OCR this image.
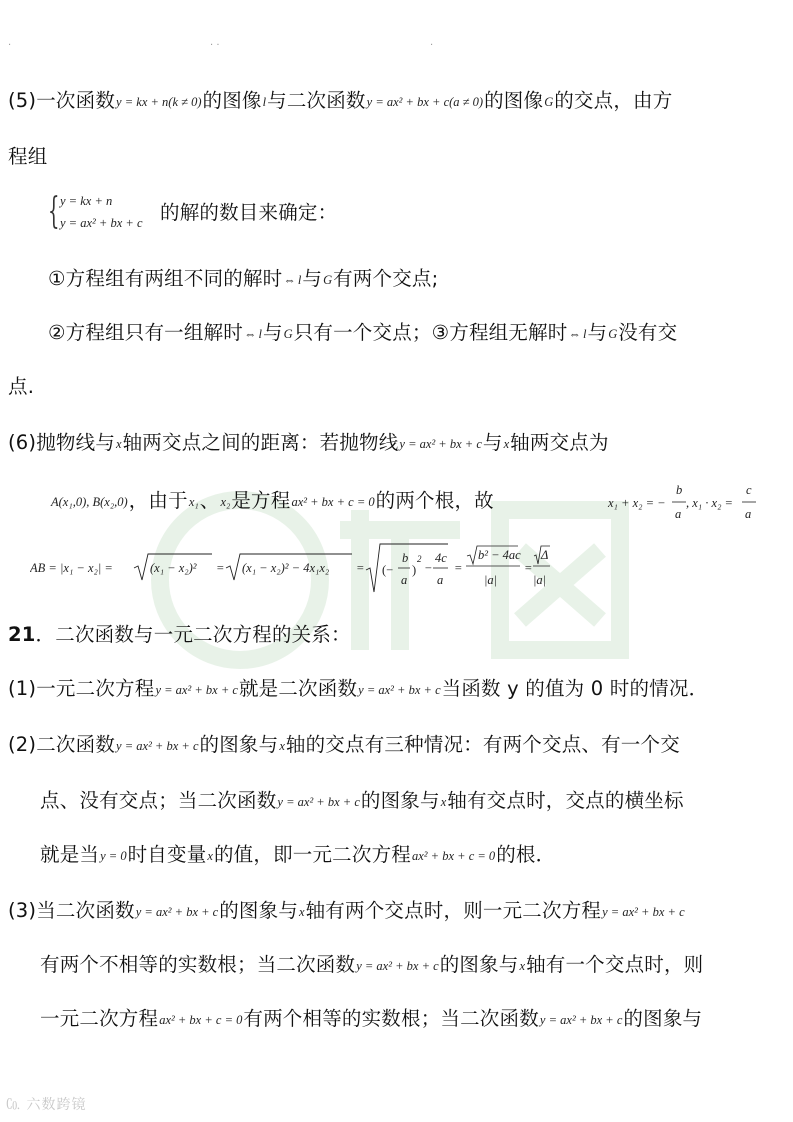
·	· ·	·
(5)一次函数y = kx + n(k ≠ 0)的图像l与二次函数y = ax² + bx + c(a ≠ 0)的图像G的交点，由方
程组
{ y = kx + n
y = ax² + bx + c 的解的数目来确定：
①方程组有两组不同的解时⇔ l与G有两个交点;
②方程组只有一组解时⇔ l与G只有一个交点；③方程组无解时⇔ l与G没有交
点.
(6)抛物线与x轴两交点之间的距离：若抛物线y = ax² + bx + c与x轴两交点为
A(x₁,0), B(x₂,0)，由于x₁、x₂是方程ax² + bx + c = 0的两个根，故	x₁ + x₂ = −
b
a
, x₁ · x₂ =
c
a
AB = |x₁ − x₂| =	(x₁ − x₂)² = (x₁ − x₂)² − 4x₁x₂ = (−
b
a
)
2
−
4c
a
=
b² − 4ac
|a|
=
Δ
|a|
21．二次函数与一元二次方程的关系：
(1)一元二次方程y = ax² + bx + c就是二次函数y = ax² + bx + c当函数 y 的值为 0 时的情况．
(2)二次函数y = ax² + bx + c的图象与x轴的交点有三种情况：有两个交点、有一个交
点、没有交点；当二次函数y = ax² + bx + c的图象与x轴有交点时，交点的横坐标
就是当y = 0时自变量x的值，即一元二次方程ax² + bx + c = 0的根．
(3)当二次函数y = ax² + bx + c的图象与x轴有两个交点时，则一元二次方程y = ax² + bx + c
有两个不相等的实数根；当二次函数y = ax² + bx + c的图象与x轴有一个交点时，则
一元二次方程ax² + bx + c = 0有两个相等的实数根；当二次函数y = ax² + bx + c的图象与
㏇ 六数跨镜
